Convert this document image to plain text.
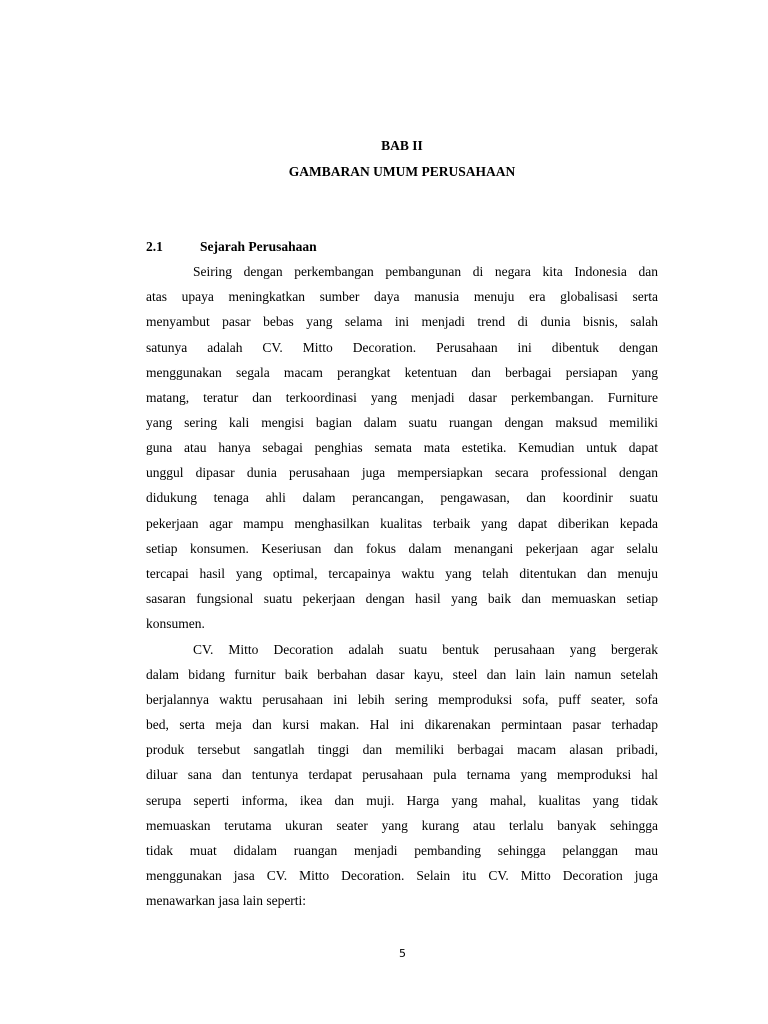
BAB II
GAMBARAN UMUM PERUSAHAAN
2.1	Sejarah Perusahaan
Seiring dengan perkembangan pembangunan di negara kita Indonesia dan
atas upaya meningkatkan sumber daya manusia menuju era globalisasi serta
menyambut pasar bebas yang selama ini menjadi trend di dunia bisnis, salah
satunya adalah CV. Mitto Decoration. Perusahaan ini dibentuk dengan
menggunakan segala macam perangkat ketentuan dan berbagai persiapan yang
matang, teratur dan terkoordinasi yang menjadi dasar perkembangan. Furniture
yang sering kali mengisi bagian dalam suatu ruangan dengan maksud memiliki
guna atau hanya sebagai penghias semata mata estetika. Kemudian untuk dapat
unggul dipasar dunia perusahaan juga mempersiapkan secara professional dengan
didukung tenaga ahli dalam perancangan, pengawasan, dan koordinir suatu
pekerjaan agar mampu menghasilkan kualitas terbaik yang dapat diberikan kepada
setiap konsumen. Keseriusan dan fokus dalam menangani pekerjaan agar selalu
tercapai hasil yang optimal, tercapainya waktu yang telah ditentukan dan menuju
sasaran fungsional suatu pekerjaan dengan hasil yang baik dan memuaskan setiap
konsumen.
CV. Mitto Decoration adalah suatu bentuk perusahaan yang bergerak
dalam bidang furnitur baik berbahan dasar kayu, steel dan lain lain namun setelah
berjalannya waktu perusahaan ini lebih sering memproduksi sofa, puff seater, sofa
bed, serta meja dan kursi makan. Hal ini dikarenakan permintaan pasar terhadap
produk tersebut sangatlah tinggi dan memiliki berbagai macam alasan pribadi,
diluar sana dan tentunya terdapat perusahaan pula ternama yang memproduksi hal
serupa seperti informa, ikea dan muji. Harga yang mahal, kualitas yang tidak
memuaskan terutama ukuran seater yang kurang atau terlalu banyak sehingga
tidak muat didalam ruangan menjadi pembanding sehingga pelanggan mau
menggunakan jasa CV. Mitto Decoration. Selain itu CV. Mitto Decoration juga
menawarkan jasa lain seperti:
5
